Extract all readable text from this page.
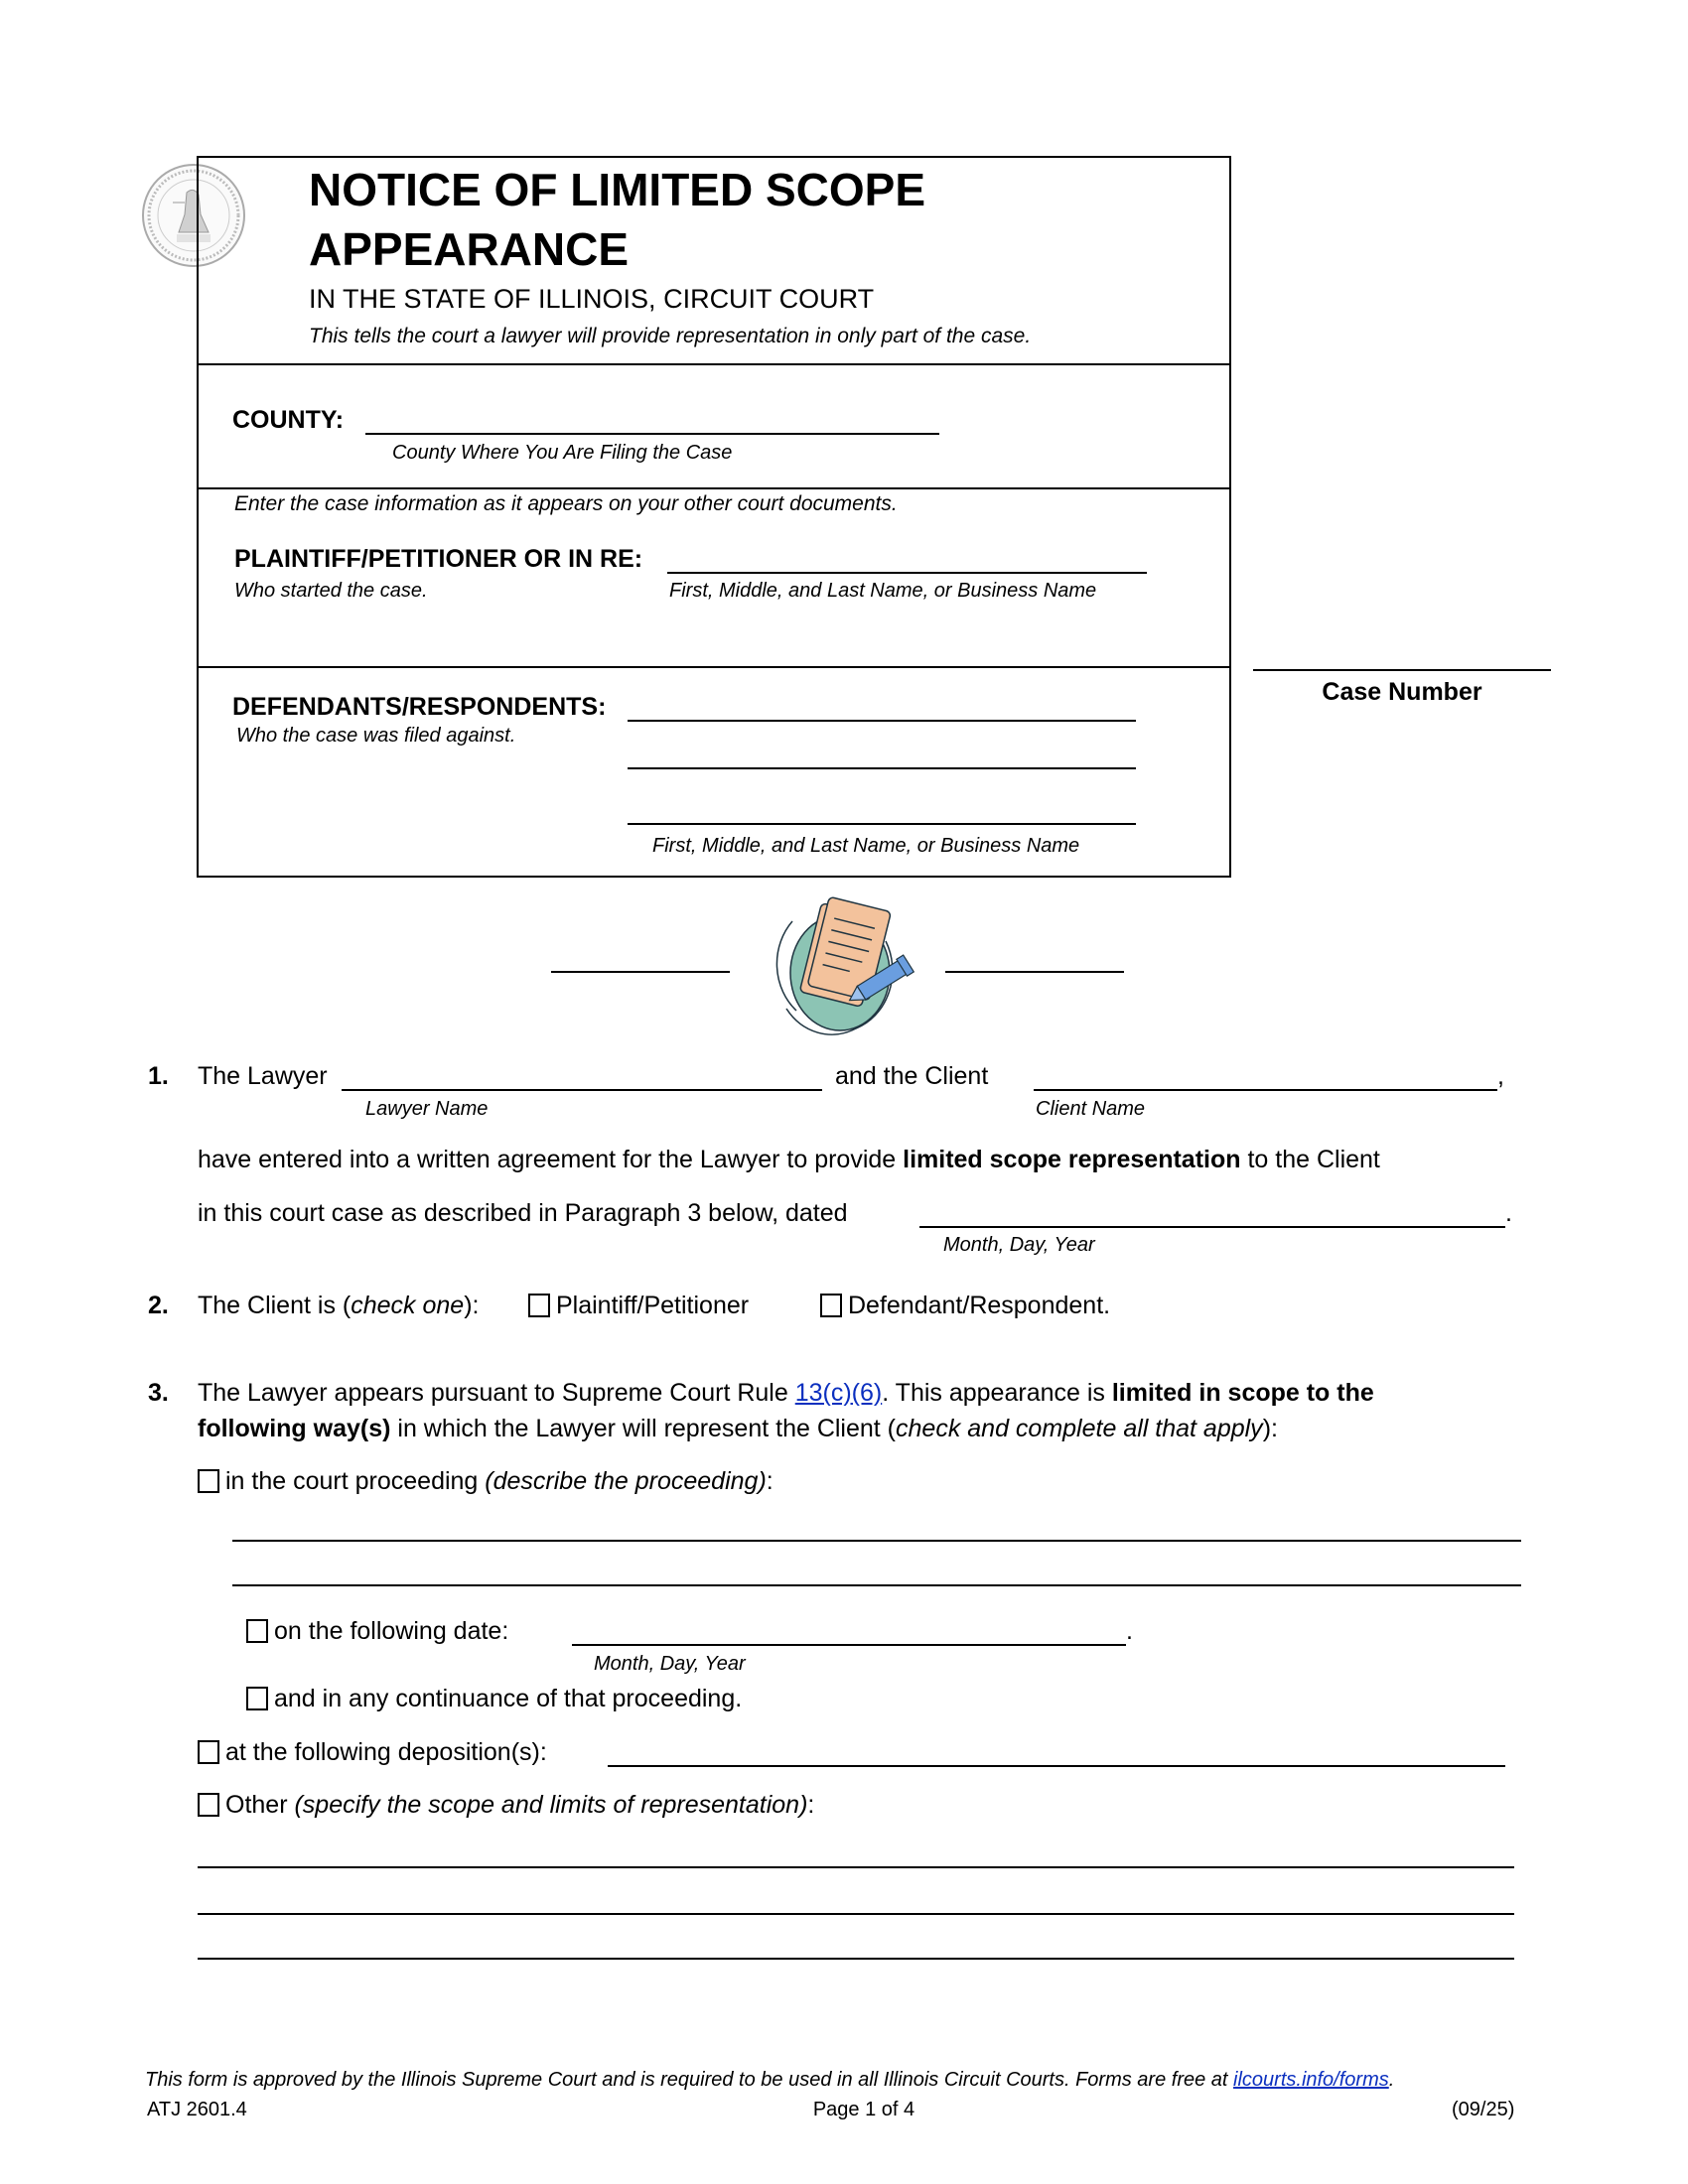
NOTICE OF LIMITED SCOPE
APPEARANCE
IN THE STATE OF ILLINOIS, CIRCUIT COURT
This tells the court a lawyer will provide representation in only part of the case.
COUNTY:
County Where You Are Filing the Case
Enter the case information as it appears on your other court documents.
PLAINTIFF/PETITIONER OR IN RE:
Who started the case.	First, Middle, and Last Name, or Business Name
DEFENDANTS/RESPONDENTS:
Who the case was filed against.
First, Middle, and Last Name, or Business Name
Case Number
1. The Lawyer	and the Client	,
Lawyer Name	Client Name
have entered into a written agreement for the Lawyer to provide limited scope representation to the Client
in this court case as described in Paragraph 3 below, dated	.
Month, Day, Year
2. The Client is (check one):	Plaintiff/Petitioner	Defendant/Respondent.
3. The Lawyer appears pursuant to Supreme Court Rule 13(c)(6). This appearance is limited in scope to the
following way(s) in which the Lawyer will represent the Client (check and complete all that apply):
in the court proceeding (describe the proceeding):
on the following date:	.
Month, Day, Year
and in any continuance of that proceeding.
at the following deposition(s):
Other (specify the scope and limits of representation):
This form is approved by the Illinois Supreme Court and is required to be used in all Illinois Circuit Courts. Forms are free at ilcourts.info/forms.
ATJ 2601.4	Page 1 of 4	(09/25)
